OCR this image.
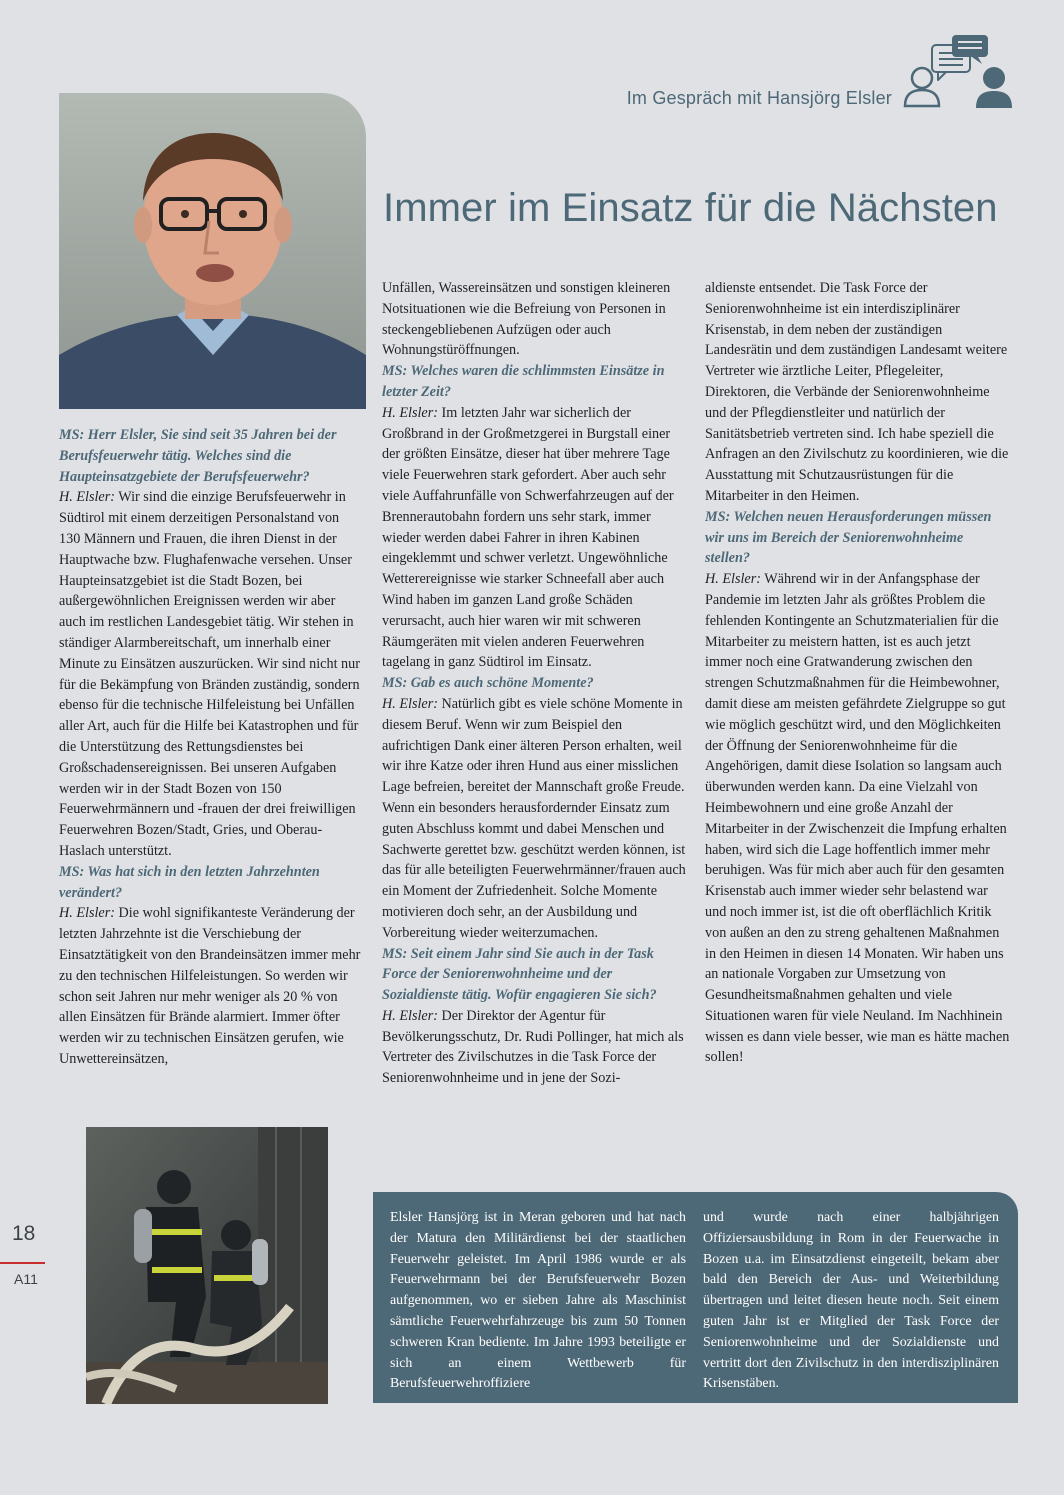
Im Gespräch mit Hansjörg Elsler
Immer im Einsatz für die Nächsten

MS: Herr Elsler, Sie sind seit 35 Jahren bei der Berufsfeuerwehr tätig. Welches sind die Haupteinsatzgebiete der Berufsfeuerwehr?

H. Elsler: Wir sind die einzige Berufsfeuerwehr in Südtirol mit einem derzeitigen Personalstand von 130 Männern und Frauen, die ihren Dienst in der Hauptwache bzw. Flughafenwache versehen. Unser Haupteinsatzgebiet ist die Stadt Bozen, bei außergewöhnlichen Ereignissen werden wir aber auch im restlichen Landesgebiet tätig. Wir stehen in ständiger Alarmbereitschaft, um innerhalb einer Minute zu Einsätzen auszurücken. Wir sind nicht nur für die Bekämpfung von Bränden zuständig, sondern ebenso für die technische Hilfeleistung bei Unfällen aller Art, auch für die Hilfe bei Katastrophen und für die Unterstützung des Rettungsdienstes bei Großschadensereignissen. Bei unseren Aufgaben werden wir in der Stadt Bozen von 150 Feuerwehrmännern und -frauen der drei freiwilligen Feuerwehren Bozen/Stadt, Gries, und Oberau-Haslach unterstützt.

MS: Was hat sich in den letzten Jahrzehnten verändert?

H. Elsler: Die wohl signifikanteste Veränderung der letzten Jahrzehnte ist die Verschiebung der Einsatztätigkeit von den Brandeinsätzen immer mehr zu den technischen Hilfeleistungen. So werden wir schon seit Jahren nur mehr weniger als 20 % von allen Einsätzen für Brände alarmiert. Immer öfter werden wir zu technischen Einsätzen gerufen, wie Unwettereinsätzen,

Unfällen, Wassereinsätzen und sonstigen kleineren Notsituationen wie die Befreiung von Personen in steckengebliebenen Aufzügen oder auch Wohnungstüröffnungen.

MS: Welches waren die schlimmsten Einsätze in letzter Zeit?

H. Elsler: Im letzten Jahr war sicherlich der Großbrand in der Großmetzgerei in Burgstall einer der größten Einsätze, dieser hat über mehrere Tage viele Feuerwehren stark gefordert. Aber auch sehr viele Auffahrunfälle von Schwerfahrzeugen auf der Brennerautobahn fordern uns sehr stark, immer wieder werden dabei Fahrer in ihren Kabinen eingeklemmt und schwer verletzt. Ungewöhnliche Wetterereignisse wie starker Schneefall aber auch Wind haben im ganzen Land große Schäden verursacht, auch hier waren wir mit schweren Räumgeräten mit vielen anderen Feuerwehren tagelang in ganz Südtirol im Einsatz.

MS: Gab es auch schöne Momente?

H. Elsler: Natürlich gibt es viele schöne Momente in diesem Beruf. Wenn wir zum Beispiel den aufrichtigen Dank einer älteren Person erhalten, weil wir ihre Katze oder ihren Hund aus einer misslichen Lage befreien, bereitet der Mannschaft große Freude. Wenn ein besonders herausfordernder Einsatz zum guten Abschluss kommt und dabei Menschen und Sachwerte gerettet bzw. geschützt werden können, ist das für alle beteiligten Feuerwehrmänner/frauen auch ein Moment der Zufriedenheit. Solche Momente motivieren doch sehr, an der Ausbildung und Vorbereitung wieder weiterzumachen.

MS: Seit einem Jahr sind Sie auch in der Task Force der Seniorenwohnheime und der Sozialdienste tätig. Wofür engagieren Sie sich?

H. Elsler: Der Direktor der Agentur für Bevölkerungsschutz, Dr. Rudi Pollinger, hat mich als Vertreter des Zivilschutzes in die Task Force der Seniorenwohnheime und in jene der Sozi-

aldienste entsendet. Die Task Force der Seniorenwohnheime ist ein interdisziplinärer Krisenstab, in dem neben der zuständigen Landesrätin und dem zuständigen Landesamt weitere Vertreter wie ärztliche Leiter, Pflegeleiter, Direktoren, die Verbände der Seniorenwohnheime und der Pflegdienstleiter und natürlich der Sanitätsbetrieb vertreten sind. Ich habe speziell die Anfragen an den Zivilschutz zu koordinieren, wie die Ausstattung mit Schutzausrüstungen für die Mitarbeiter in den Heimen.

MS: Welchen neuen Herausforderungen müssen wir uns im Bereich der Seniorenwohnheime stellen?

H. Elsler: Während wir in der Anfangsphase der Pandemie im letzten Jahr als größtes Problem die fehlenden Kontingente an Schutzmaterialien für die Mitarbeiter zu meistern hatten, ist es auch jetzt immer noch eine Gratwanderung zwischen den strengen Schutzmaßnahmen für die Heimbewohner, damit diese am meisten gefährdete Zielgruppe so gut wie möglich geschützt wird, und den Möglichkeiten der Öffnung der Seniorenwohnheime für die Angehörigen, damit diese Isolation so langsam auch überwunden werden kann. Da eine Vielzahl von Heimbewohnern und eine große Anzahl der Mitarbeiter in der Zwischenzeit die Impfung erhalten haben, wird sich die Lage hoffentlich immer mehr beruhigen. Was für mich aber auch für den gesamten Krisenstab auch immer wieder sehr belastend war und noch immer ist, ist die oft oberflächlich Kritik von außen an den zu streng gehaltenen Maßnahmen in den Heimen in diesen 14 Monaten. Wir haben uns an nationale Vorgaben zur Umsetzung von Gesundheitsmaßnahmen gehalten und viele Situationen waren für viele Neuland. Im Nachhinein wissen es dann viele besser, wie man es hätte machen sollen!

Elsler Hansjörg ist in Meran geboren und hat nach der Matura den Militärdienst bei der staatlichen Feuerwehr geleistet. Im April 1986 wurde er als Feuerwehrmann bei der Berufsfeuerwehr Bozen aufgenommen, wo er sieben Jahre als Maschinist sämtliche Feuerwehrfahrzeuge bis zum 50 Tonnen schweren Kran bediente. Im Jahre 1993 beteiligte er sich an einem Wettbewerb für Berufsfeuerwehroffiziere
und wurde nach einer halbjährigen Offiziersausbildung in Rom in der Feuerwache in Bozen u.a. im Einsatzdienst eingeteilt, bekam aber bald den Bereich der Aus- und Weiterbildung übertragen und leitet diesen heute noch. Seit einem guten Jahr ist er Mitglied der Task Force der Seniorenwohnheime und der Sozialdienste und vertritt dort den Zivilschutz in den interdisziplinären Krisenstäben.
18
A11
